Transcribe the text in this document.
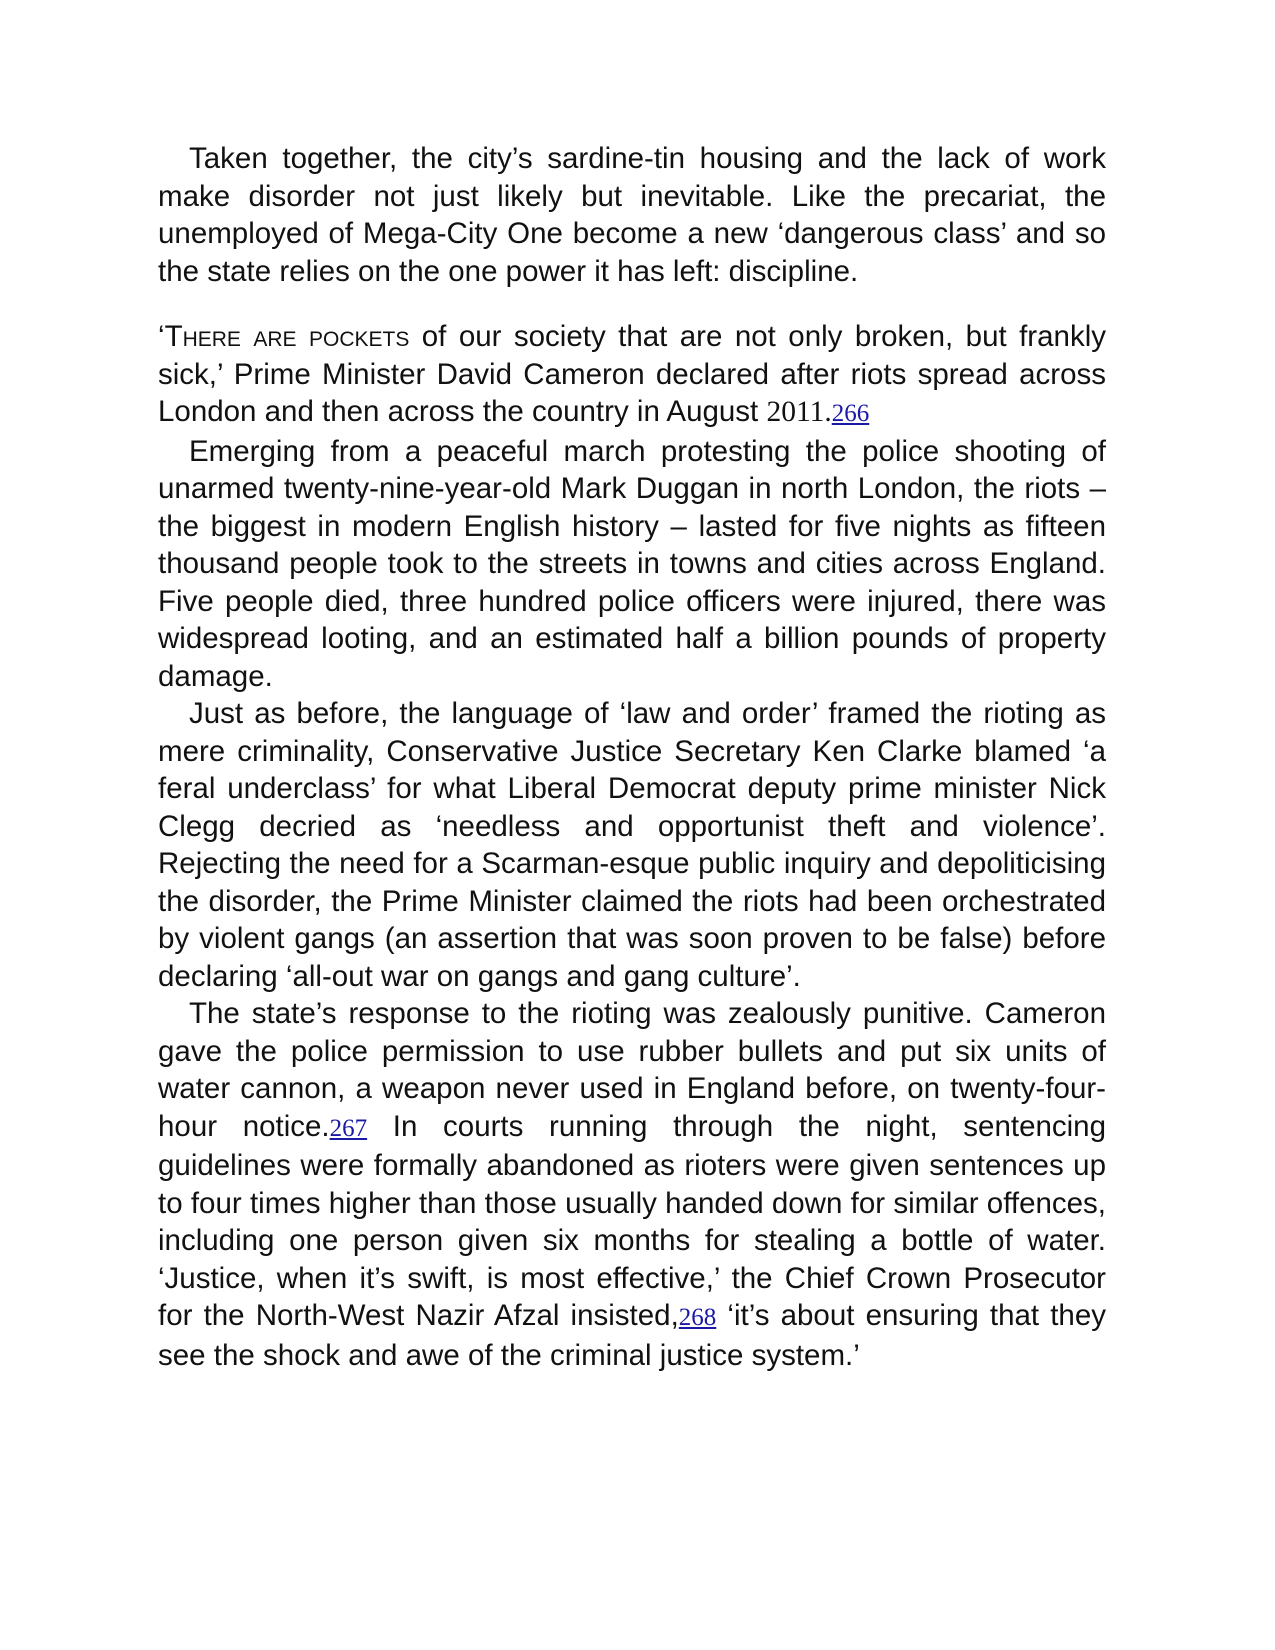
Taken together, the city’s sardine-tin housing and the lack of work make disorder not just likely but inevitable. Like the precariat, the unemployed of Mega-City One become a new ‘dangerous class’ and so the state relies on the one power it has left: discipline.

‘There are pockets of our society that are not only broken, but frankly sick,’ Prime Minister David Cameron declared after riots spread across London and then across the country in August 2011.266

Emerging from a peaceful march protesting the police shooting of unarmed twenty-nine-year-old Mark Duggan in north London, the riots – the biggest in modern English history – lasted for five nights as fifteen thousand people took to the streets in towns and cities across England. Five people died, three hundred police officers were injured, there was widespread looting, and an estimated half a billion pounds of property damage.

Just as before, the language of ‘law and order’ framed the rioting as mere criminality, Conservative Justice Secretary Ken Clarke blamed ‘a feral underclass’ for what Liberal Democrat deputy prime minister Nick Clegg decried as ‘needless and opportunist theft and violence’. Rejecting the need for a Scarman-esque public inquiry and depoliticising the disorder, the Prime Minister claimed the riots had been orchestrated by violent gangs (an assertion that was soon proven to be false) before declaring ‘all-out war on gangs and gang culture’.

The state’s response to the rioting was zealously punitive. Cameron gave the police permission to use rubber bullets and put six units of water cannon, a weapon never used in England before, on twenty-four-hour notice.267 In courts running through the night, sentencing guidelines were formally abandoned as rioters were given sentences up to four times higher than those usually handed down for similar offences, including one person given six months for stealing a bottle of water. ‘Justice, when it’s swift, is most effective,’ the Chief Crown Prosecutor for the North-West Nazir Afzal insisted,268 ‘it’s about ensuring that they see the shock and awe of the criminal justice system.’
